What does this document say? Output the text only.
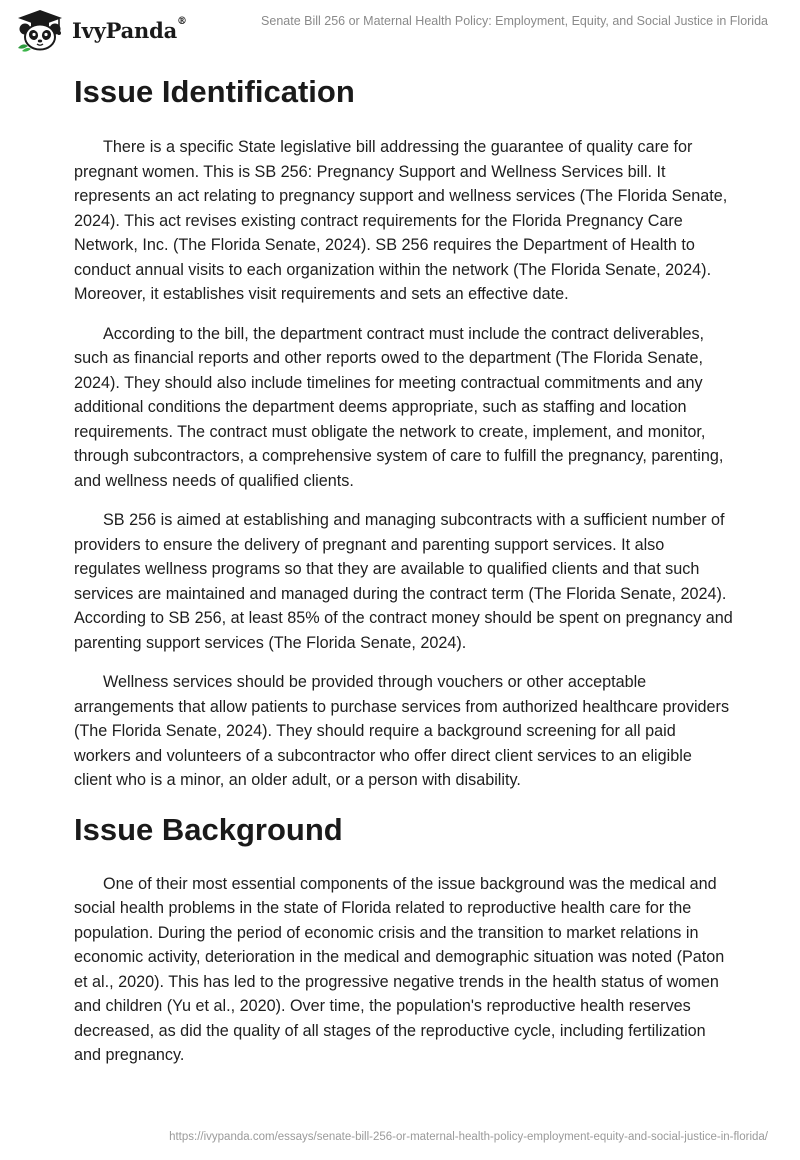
IvyPanda®	Senate Bill 256 or Maternal Health Policy: Employment, Equity, and Social Justice in Florida
Issue Identification

There is a specific State legislative bill addressing the guarantee of quality care for pregnant women. This is SB 256: Pregnancy Support and Wellness Services bill. It represents an act relating to pregnancy support and wellness services (The Florida Senate, 2024). This act revises existing contract requirements for the Florida Pregnancy Care Network, Inc. (The Florida Senate, 2024). SB 256 requires the Department of Health to conduct annual visits to each organization within the network (The Florida Senate, 2024). Moreover, it establishes visit requirements and sets an effective date.

According to the bill, the department contract must include the contract deliverables, such as financial reports and other reports owed to the department (The Florida Senate, 2024). They should also include timelines for meeting contractual commitments and any additional conditions the department deems appropriate, such as staffing and location requirements. The contract must obligate the network to create, implement, and monitor, through subcontractors, a comprehensive system of care to fulfill the pregnancy, parenting, and wellness needs of qualified clients.

SB 256 is aimed at establishing and managing subcontracts with a sufficient number of providers to ensure the delivery of pregnant and parenting support services. It also regulates wellness programs so that they are available to qualified clients and that such services are maintained and managed during the contract term (The Florida Senate, 2024). According to SB 256, at least 85% of the contract money should be spent on pregnancy and parenting support services (The Florida Senate, 2024).

Wellness services should be provided through vouchers or other acceptable arrangements that allow patients to purchase services from authorized healthcare providers (The Florida Senate, 2024). They should require a background screening for all paid workers and volunteers of a subcontractor who offer direct client services to an eligible client who is a minor, an older adult, or a person with disability.

Issue Background

One of their most essential components of the issue background was the medical and social health problems in the state of Florida related to reproductive health care for the population. During the period of economic crisis and the transition to market relations in economic activity, deterioration in the medical and demographic situation was noted (Paton et al., 2020). This has led to the progressive negative trends in the health status of women and children (Yu et al., 2020). Over time, the population's reproductive health reserves decreased, as did the quality of all stages of the reproductive cycle, including fertilization and pregnancy.

https://ivypanda.com/essays/senate-bill-256-or-maternal-health-policy-employment-equity-and-social-justice-in-florida/
